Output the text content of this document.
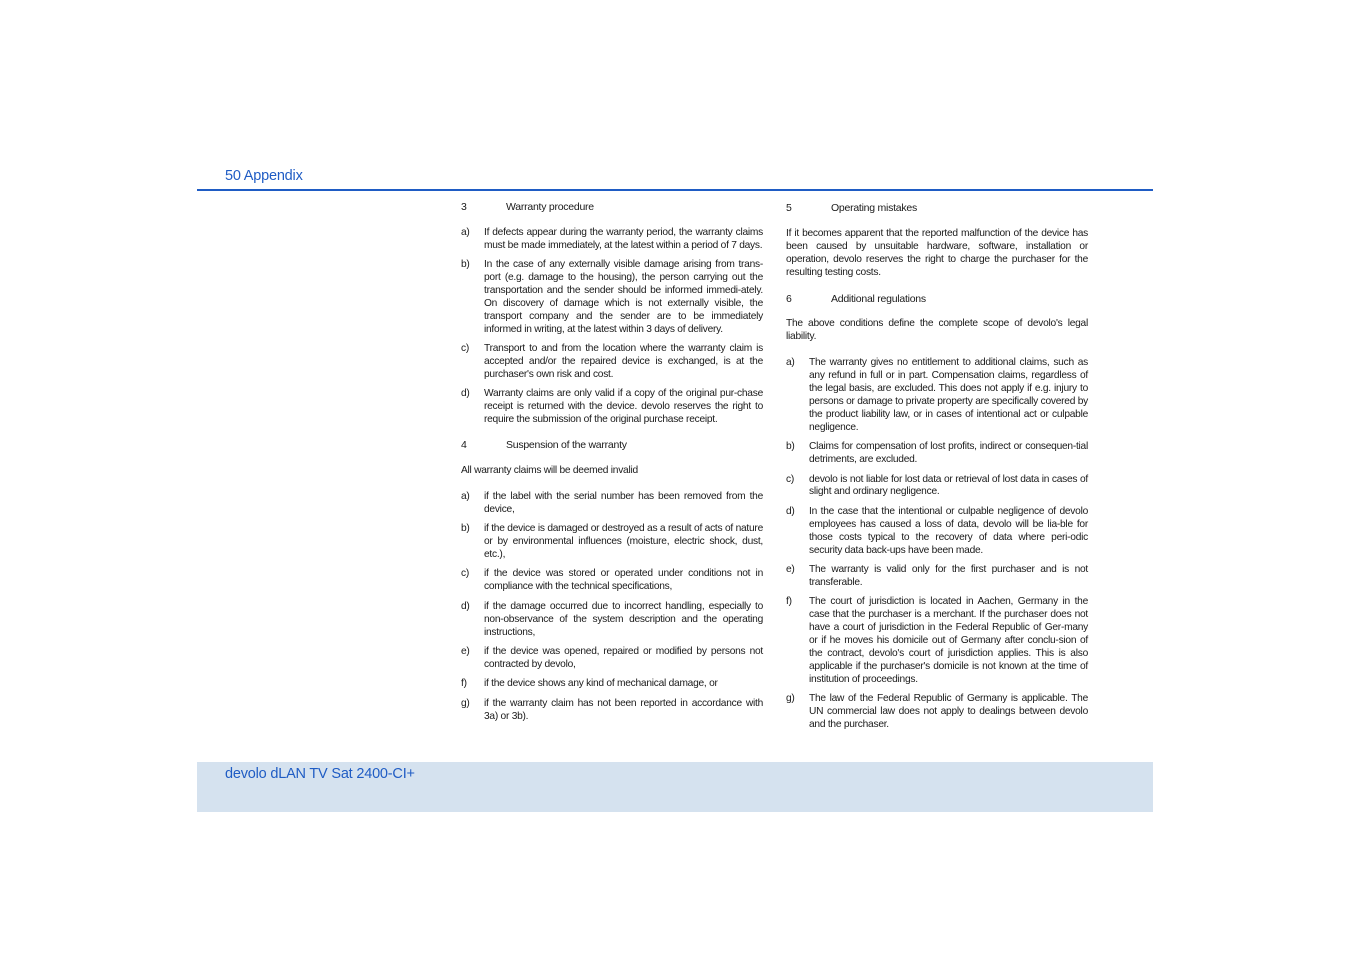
50 Appendix
3	Warranty procedure
a)	If defects appear during the warranty period, the warranty claims must be made immediately, at the latest within a period of 7 days.
b)	In the case of any externally visible damage arising from trans-port (e.g. damage to the housing), the person carrying out the transportation and the sender should be informed immedi-ately. On discovery of damage which is not externally visible, the transport company and the sender are to be immediately informed in writing, at the latest within 3 days of delivery.
c)	Transport to and from the location where the warranty claim is accepted and/or the repaired device is exchanged, is at the purchaser's own risk and cost.
d)	Warranty claims are only valid if a copy of the original pur-chase receipt is returned with the device. devolo reserves the right to require the submission of the original purchase receipt.
4	Suspension of the warranty

All warranty claims will be deemed invalid

a)	if the label with the serial number has been removed from the device,
b)	if the device is damaged or destroyed as a result of acts of nature or by environmental influences (moisture, electric shock, dust, etc.),
c)	if the device was stored or operated under conditions not in compliance with the technical specifications,
d)	if the damage occurred due to incorrect handling, especially to non-observance of the system description and the operating instructions,
e)	if the device was opened, repaired or modified by persons not contracted by devolo,
f)	if the device shows any kind of mechanical damage, or
g)	if the warranty claim has not been reported in accordance with 3a) or 3b).
5	Operating mistakes

If it becomes apparent that the reported malfunction of the device has been caused by unsuitable hardware, software, installation or operation, devolo reserves the right to charge the purchaser for the resulting testing costs.

6	Additional regulations

The above conditions define the complete scope of devolo's legal liability.

a)	The warranty gives no entitlement to additional claims, such as any refund in full or in part. Compensation claims, regardless of the legal basis, are excluded. This does not apply if e.g. injury to persons or damage to private property are specifically covered by the product liability law, or in cases of intentional act or culpable negligence.
b)	Claims for compensation of lost profits, indirect or consequen-tial detriments, are excluded.
c)	devolo is not liable for lost data or retrieval of lost data in cases of slight and ordinary negligence.
d)	In the case that the intentional or culpable negligence of devolo employees has caused a loss of data, devolo will be lia-ble for those costs typical to the recovery of data where peri-odic security data back-ups have been made.
e)	The warranty is valid only for the first purchaser and is not transferable.
f)	The court of jurisdiction is located in Aachen, Germany in the case that the purchaser is a merchant. If the purchaser does not have a court of jurisdiction in the Federal Republic of Ger-many or if he moves his domicile out of Germany after conclu-sion of the contract, devolo's court of jurisdiction applies. This is also applicable if the purchaser's domicile is not known at the time of institution of proceedings.
g)	The law of the Federal Republic of Germany is applicable. The UN commercial law does not apply to dealings between devolo and the purchaser.
devolo dLAN TV Sat 2400-CI+
